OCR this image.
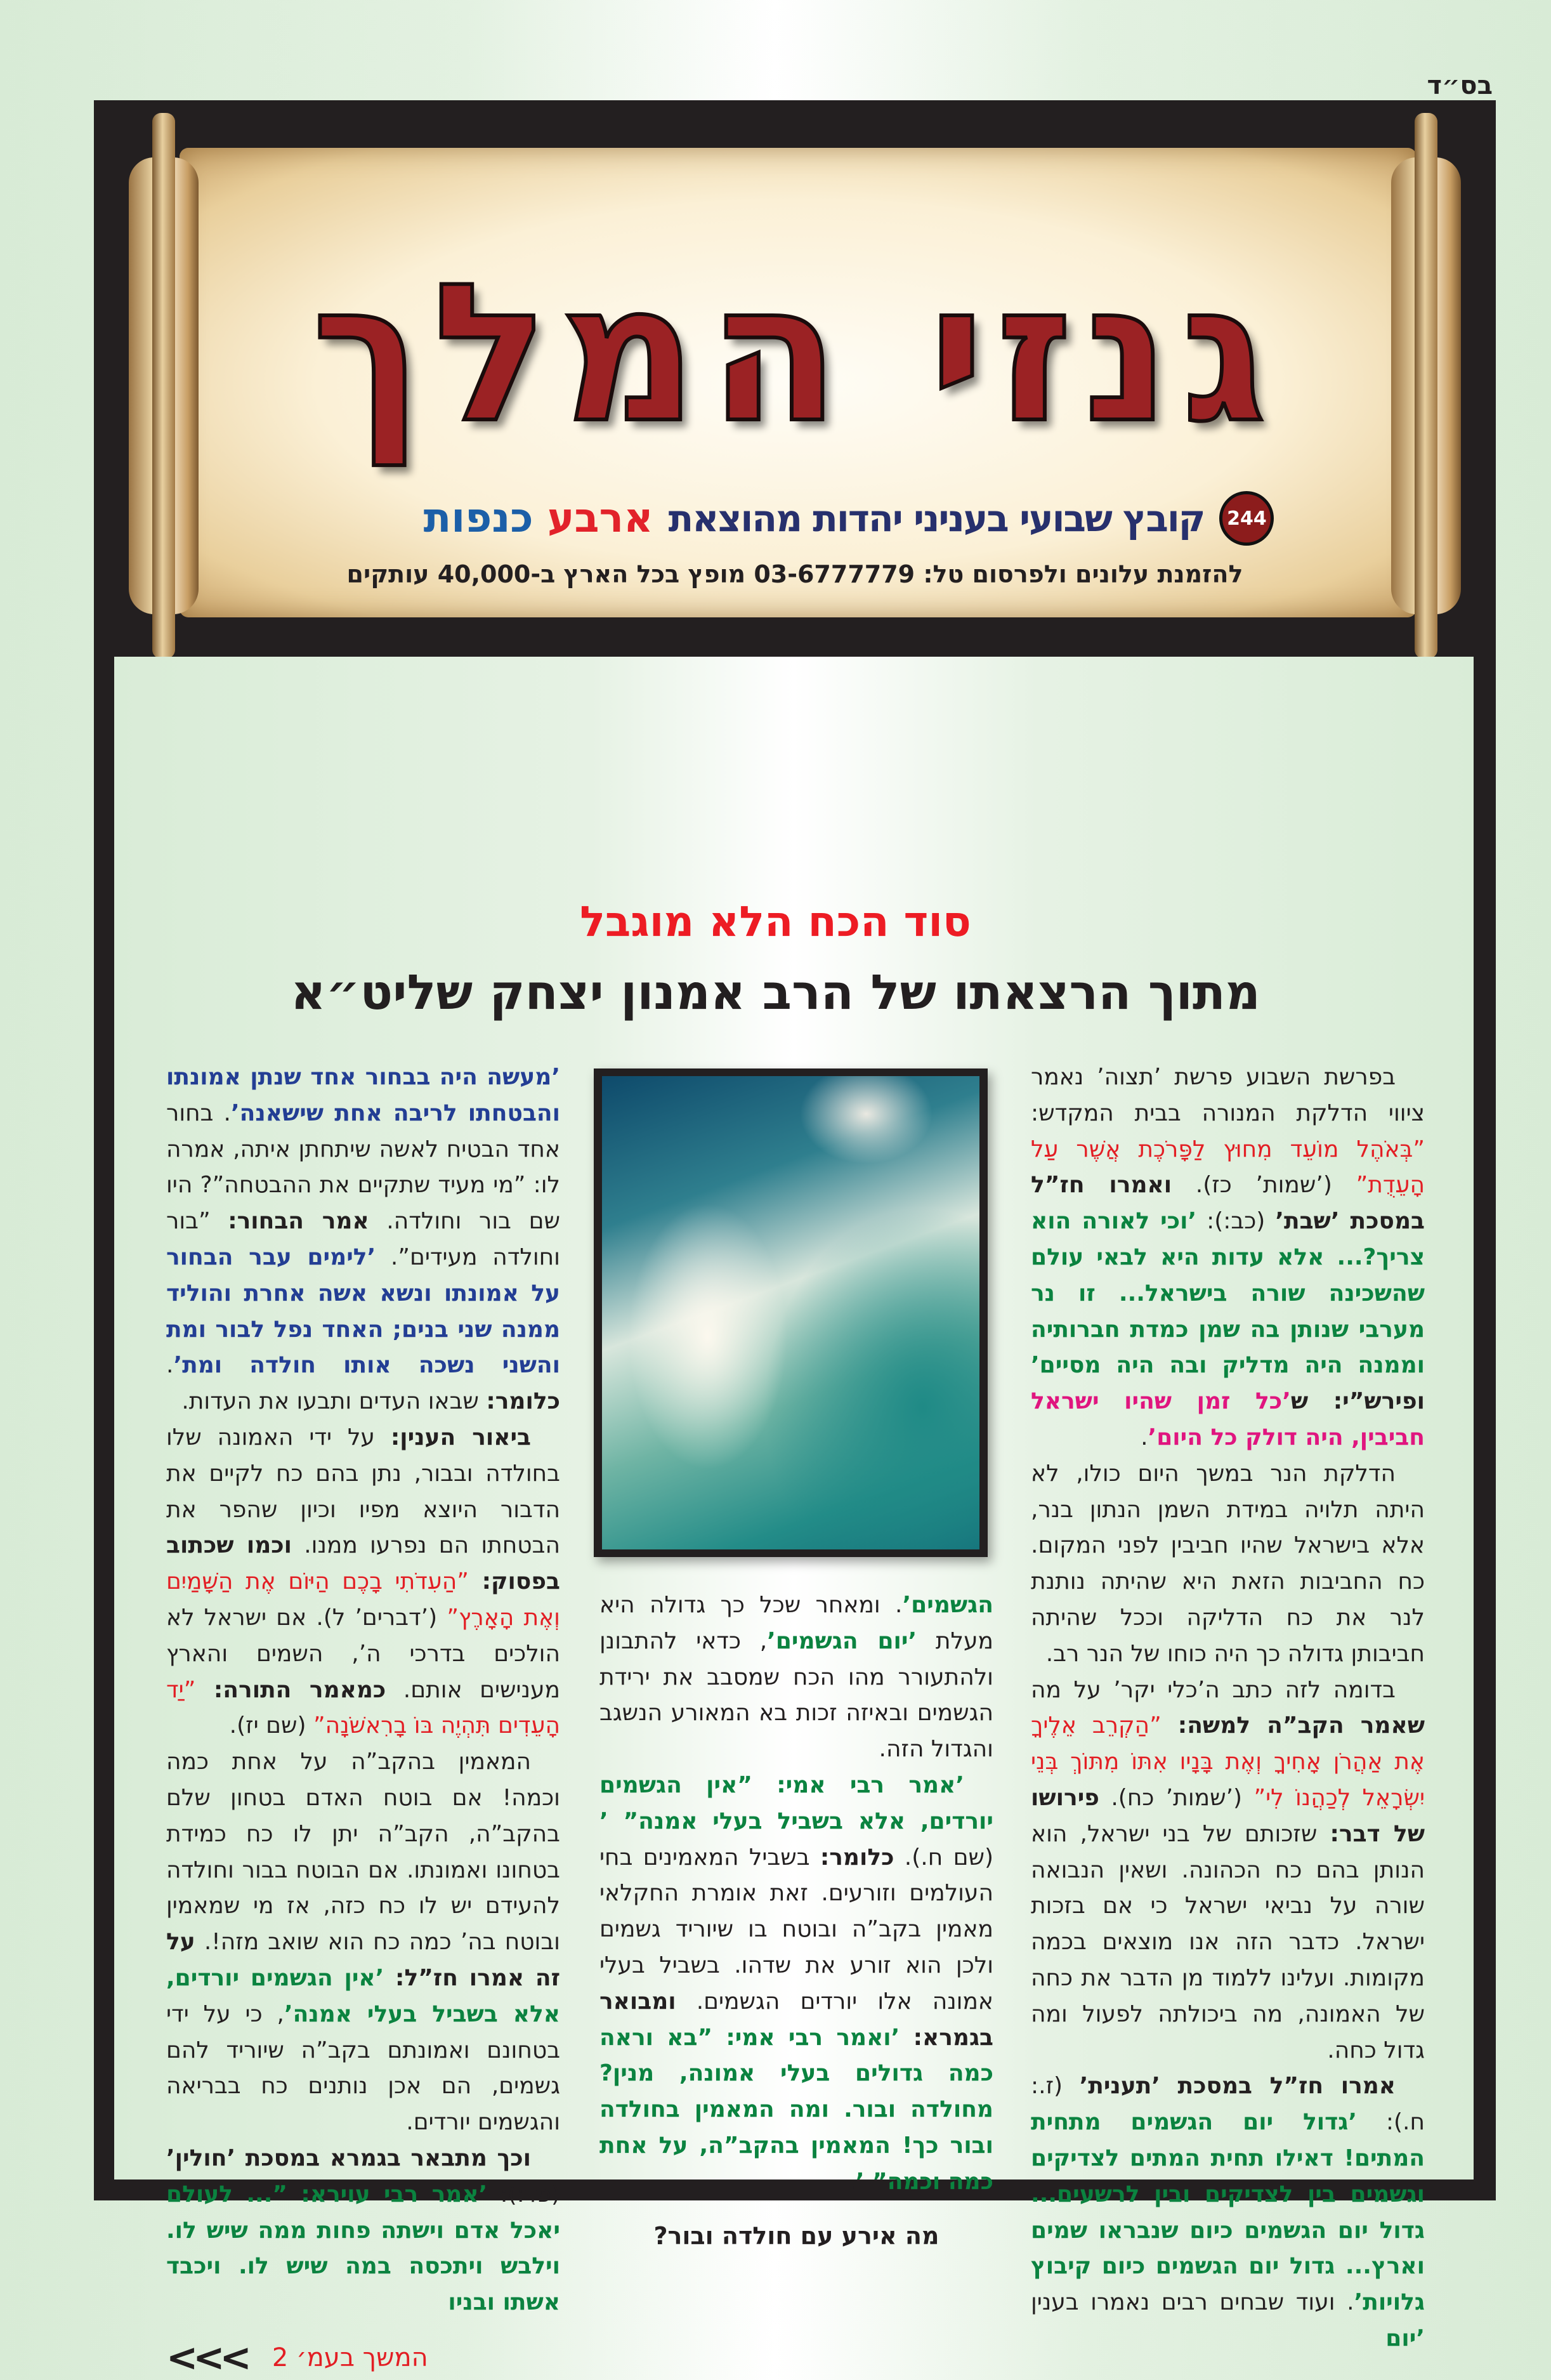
בס״ד
גנזי המלך
244
קובץ שבועי בעניני יהדות מהוצאת
ארבע כנפות
להזמנת עלונים ולפרסום טל: 03-6777779 מופץ בכל הארץ ב-40,000 עותקים
סוד הכח הלא מוגבל
מתוך הרצאתו של הרב אמנון יצחק שליט״א

בפרשת השבוע פרשת ’תצוה’ נאמר ציווי הדלקת המנורה בבית המקדש: ”בְּאֹהֶל מוֹעֵד מִחוּץ לַפָּרֹכֶת אֲשֶׁר עַל הָעֵדֻת” (’שמות’ כז). ואמרו חז”ל במסכת ’שבת’ (כב:): ’וכי לאורה הוא צריך?... אלא עדות היא לבאי עולם שהשכינה שורה בישראל... זו נר מערבי שנותן בה שמן כמדת חברותיה וממנה היה מדליק ובה היה מסיים’ ופירש”י: ש’כל זמן שהיו ישראל חביבין, היה דולק כל היום’.

הדלקת הנר במשך היום כולו, לא היתה תלויה במידת השמן הנתון בנר, אלא בישראל שהיו חביבין לפני המקום. כח החביבות הזאת היא שהיתה נותנת לנר את כח הדליקה וככל שהיתה חביבותן גדולה כך היה כוחו של הנר רב.

בדומה לזה כתב ה’כלי יקר’ על מה שאמר הקב”ה למשה: ”הַקְרֵב אֵלֶיךָ אֶת אַהֲרֹן אָחִיךָ וְאֶת בָּנָיו אִתּוֹ מִתּוֹךְ בְּנֵי יִשְׂרָאֵל לְכַהֲנוֹ לִי” (’שמות’ כח). פירושו של דבר: שזכותם של בני ישראל, הוא הנותן בהם כח הכהונה. ושאין הנבואה שורה על נביאי ישראל כי אם בזכות ישראל. כדבר הזה אנו מוצאים בכמה מקומות. ועלינו ללמוד מן הדבר את כחה של האמונה, מה ביכולתה לפעול ומה גדול כחה.

אמרו חז”ל במסכת ’תענית’ (ז.: ח.): ’גדול יום הגשמים מתחית המתים! דאילו תחית המתים לצדיקים וגשמים בין לצדיקים ובין לרשעים... גדול יום הגשמים כיום שנבראו שמים וארץ... גדול יום הגשמים כיום קיבוץ גלויות’. ועוד שבחים רבים נאמרו בענין ’יום

הגשמים’. ומאחר שכל כך גדולה היא מעלת ’יום הגשמים’, כדאי להתבונן ולהתעורר מהו הכח שמסבב את ירידת הגשמים ובאיזה זכות בא המאורע הנשגב והגדול הזה.

’אמר רבי אמי: ”אין הגשמים יורדים, אלא בשביל בעלי אמנה” ’ (שם ח.). כלומר: בשביל המאמינים בחי העולמים וזורעים. זאת אומרת החקלאי מאמין בקב”ה ובוטח בו שיוריד גשמים ולכן הוא זורע את שדהו. בשביל בעלי אמונה אלו יורדים הגשמים. ומבואר בגמרא: ’ואמר רבי אמי: ”בא וראה כמה גדולים בעלי אמונה, מנין? מחולדה ובור. ומה המאמין בחולדה ובור כך! המאמין בהקב”ה, על אחת כמה וכמה” ’.

מה אירע עם חולדה ובור?

’מעשה היה בבחור אחד שנתן אמונתו והבטחתו לריבה אחת שישאנה’. בחור אחד הבטיח לאשה שיתחתן איתה, אמרה לו: ”מי מעיד שתקיים את ההבטחה”? היו שם בור וחולדה. אמר הבחור: ”בור וחולדה מעידים”. ’לימים עבר הבחור על אמונתו ונשא אשה אחרת והוליד ממנה שני בנים; האחד נפל לבור ומת והשני נשכה אותו חולדה ומת’. כלומר: שבאו העדים ותבעו את העדות.

ביאור הענין: על ידי האמונה שלו בחולדה ובבור, נתן בהם כח לקיים את הדבור היוצא מפיו וכיון שהפר את הבטחתו הם נפרעו ממנו. וכמו שכתוב בפסוק: ”הַעִדֹתִי בָכֶם הַיּוֹם אֶת הַשָּׁמַיִם וְאֶת הָאָרֶץ” (’דברים’ ל). אם ישראל לא הולכים בדרכי ה’, השמים והארץ מענישים אותם. כמאמר התורה: ”יַד הָעֵדִים תִּהְיֶה בּוֹ בָרִאשֹׁנָה” (שם יז).

המאמין בהקב”ה על אחת כמה וכמה! אם בוטח האדם בטחון שלם בהקב”ה, הקב”ה יתן לו כח כמידת בטחונו ואמונתו. אם הבוטח בבור וחולדה להעידם יש לו כח כזה, אז מי שמאמין ובוטח בה’ כמה כח הוא שואב מזה!. על זה אמרו חז”ל: ’אין הגשמים יורדים, אלא בשביל בעלי אמנה’, כי על ידי בטחונם ואמונתם בקב”ה שיוריד להם גשמים, הם אכן נותנים כח בבריאה והגשמים יורדים.

וכך מתבאר בגמרא במסכת ’חולין’ (פד:): ’אמר רבי עוירא: ”... לעולם יאכל אדם וישתה פחות ממה שיש לו. וילבש ויתכסה במה שיש לו. ויכבד אשתו ובניו

<<< המשך בעמ׳ 2
